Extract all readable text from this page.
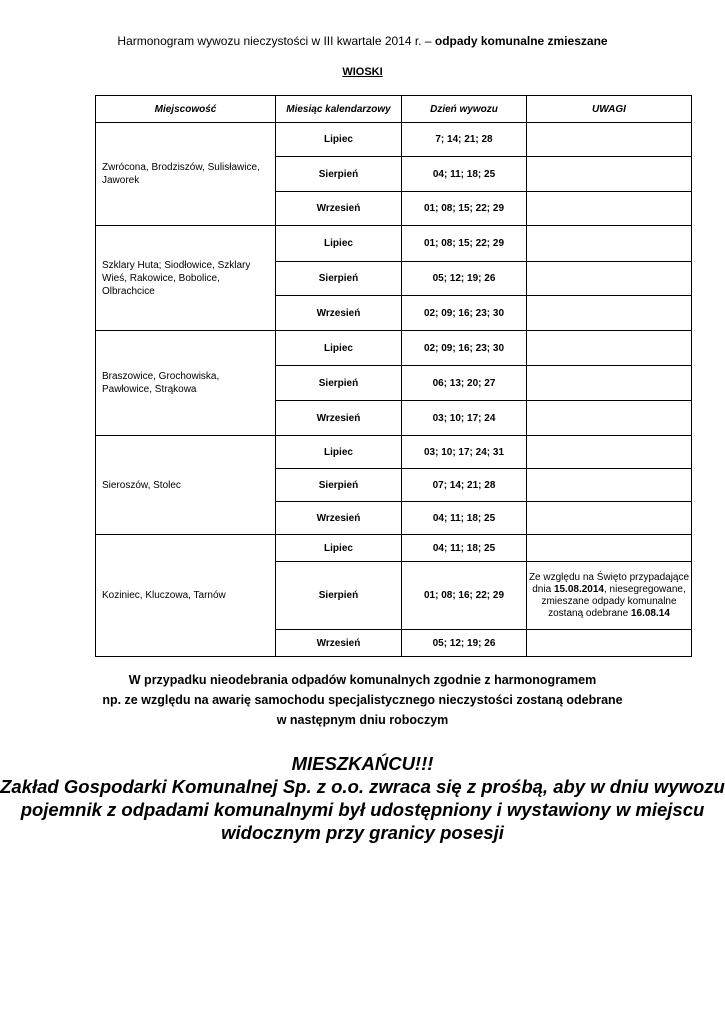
Harmonogram wywozu nieczystości w III kwartale 2014 r. – odpady komunalne zmieszane
WIOSKI
Miejscowość	Miesiąc kalendarzowy	Dzień wywozu	UWAGI
Zwrócona, Brodziszów, Sulisławice, Jaworek	Lipiec	7; 14; 21; 28	
	Sierpień	04; 11; 18; 25	
	Wrzesień	01; 08; 15; 22; 29	
Szklary Huta; Siodłowice, Szklary Wieś, Rakowice, Bobolice, Olbrachcice	Lipiec	01; 08; 15; 22; 29	
	Sierpień	05; 12; 19; 26	
	Wrzesień	02; 09; 16; 23; 30	
Braszowice, Grochowiska, Pawłowice, Strąkowa	Lipiec	02; 09; 16; 23; 30	
	Sierpień	06; 13; 20; 27	
	Wrzesień	03; 10; 17; 24	
Sieroszów, Stolec	Lipiec	03; 10; 17; 24; 31	
	Sierpień	07; 14; 21; 28	
	Wrzesień	04; 11; 18; 25	
Koziniec, Kluczowa, Tarnów	Lipiec	04; 11; 18; 25	
	Sierpień	01; 08; 16; 22; 29	Ze względu na Święto przypadające dnia 15.08.2014, niesegregowane, zmieszane odpady komunalne zostaną odebrane 16.08.14
	Wrzesień	05; 12; 19; 26	
W przypadku nieodebrania odpadów komunalnych zgodnie z harmonogramem
np. ze względu na awarię samochodu specjalistycznego nieczystości zostaną odebrane
w następnym dniu roboczym
MIESZKAŃCU!!!
Zakład Gospodarki Komunalnej Sp. z o.o. zwraca się z prośbą, aby w dniu wywozu
pojemnik z odpadami komunalnymi był udostępniony i wystawiony w miejscu
widocznym przy granicy posesji
